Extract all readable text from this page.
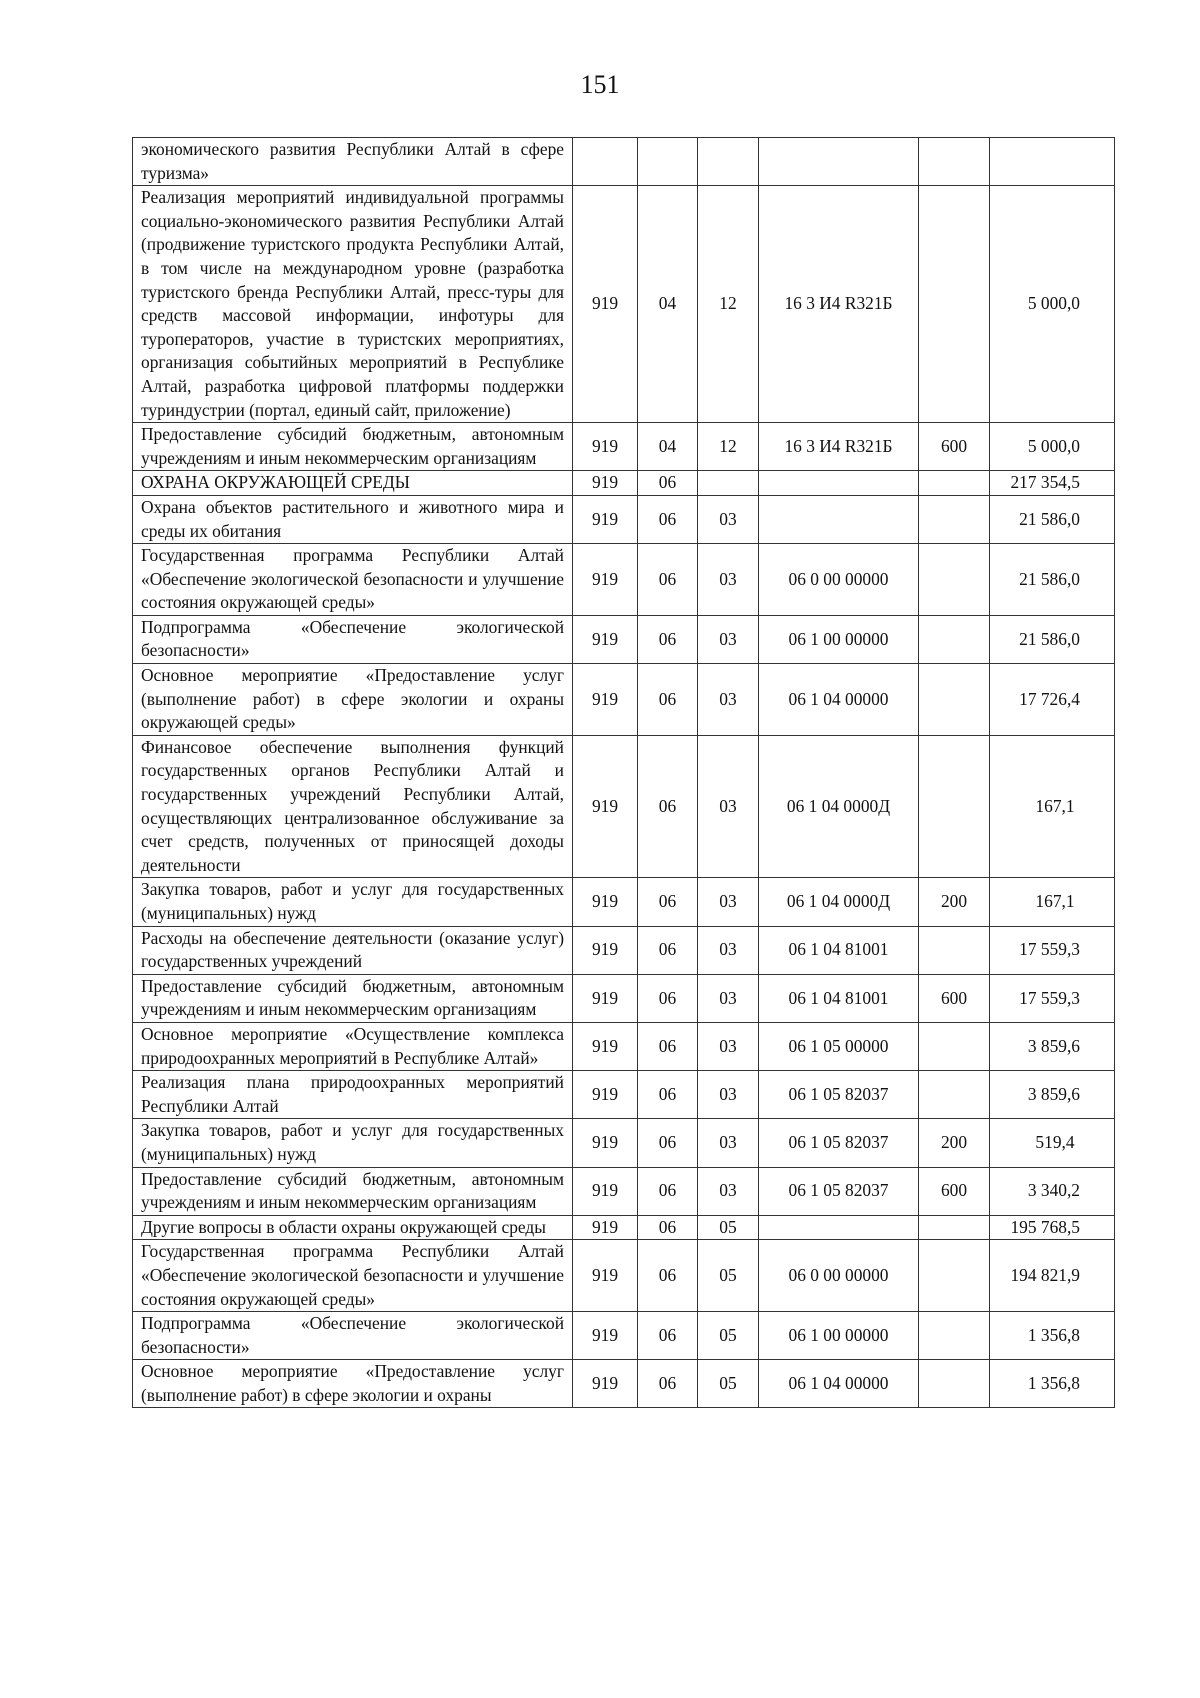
151
экономического развития Республики Алтай в сфере туризма»						
Реализация мероприятий индивидуальной программы социально-экономического развития Республики Алтай (продвижение туристского продукта Республики Алтай, в том числе на международном уровне (разработка туристского бренда Республики Алтай, пресс-туры для средств массовой информации, инфотуры для туроператоров, участие в туристских мероприятиях, организация событийных мероприятий в Республике Алтай, разработка цифровой платформы поддержки туриндустрии (портал, единый сайт, приложение)	919	04	12	16 3 И4 R321Б		5 000,0
Предоставление субсидий бюджетным, автономным учреждениям и иным некоммерческим организациям	919	04	12	16 3 И4 R321Б	600	5 000,0
ОХРАНА ОКРУЖАЮЩЕЙ СРЕДЫ	919	06				217 354,5
Охрана объектов растительного и животного мира и среды их обитания	919	06	03			21 586,0
Государственная программа Республики Алтай «Обеспечение экологической безопасности и улучшение состояния окружающей среды»	919	06	03	06 0 00 00000		21 586,0
Подпрограмма «Обеспечение экологической безопасности»	919	06	03	06 1 00 00000		21 586,0
Основное мероприятие «Предоставление услуг (выполнение работ) в сфере экологии и охраны окружающей среды»	919	06	03	06 1 04 00000		17 726,4
Финансовое обеспечение выполнения функций государственных органов Республики Алтай и государственных учреждений Республики Алтай, осуществляющих централизованное обслуживание за счет средств, полученных от приносящей доходы деятельности	919	06	03	06 1 04 0000Д		167,1
Закупка товаров, работ и услуг для государственных (муниципальных) нужд	919	06	03	06 1 04 0000Д	200	167,1
Расходы на обеспечение деятельности (оказание услуг) государственных учреждений	919	06	03	06 1 04 81001		17 559,3
Предоставление субсидий бюджетным, автономным учреждениям и иным некоммерческим организациям	919	06	03	06 1 04 81001	600	17 559,3
Основное мероприятие «Осуществление комплекса природоохранных мероприятий в Республике Алтай»	919	06	03	06 1 05 00000		3 859,6
Реализация плана природоохранных мероприятий Республики Алтай	919	06	03	06 1 05 82037		3 859,6
Закупка товаров, работ и услуг для государственных (муниципальных) нужд	919	06	03	06 1 05 82037	200	519,4
Предоставление субсидий бюджетным, автономным учреждениям и иным некоммерческим организациям	919	06	03	06 1 05 82037	600	3 340,2
Другие вопросы в области охраны окружающей среды	919	06	05			195 768,5
Государственная программа Республики Алтай «Обеспечение экологической безопасности и улучшение состояния окружающей среды»	919	06	05	06 0 00 00000		194 821,9
Подпрограмма «Обеспечение экологической безопасности»	919	06	05	06 1 00 00000		1 356,8
Основное мероприятие «Предоставление услуг (выполнение работ) в сфере экологии и охраны	919	06	05	06 1 04 00000		1 356,8
